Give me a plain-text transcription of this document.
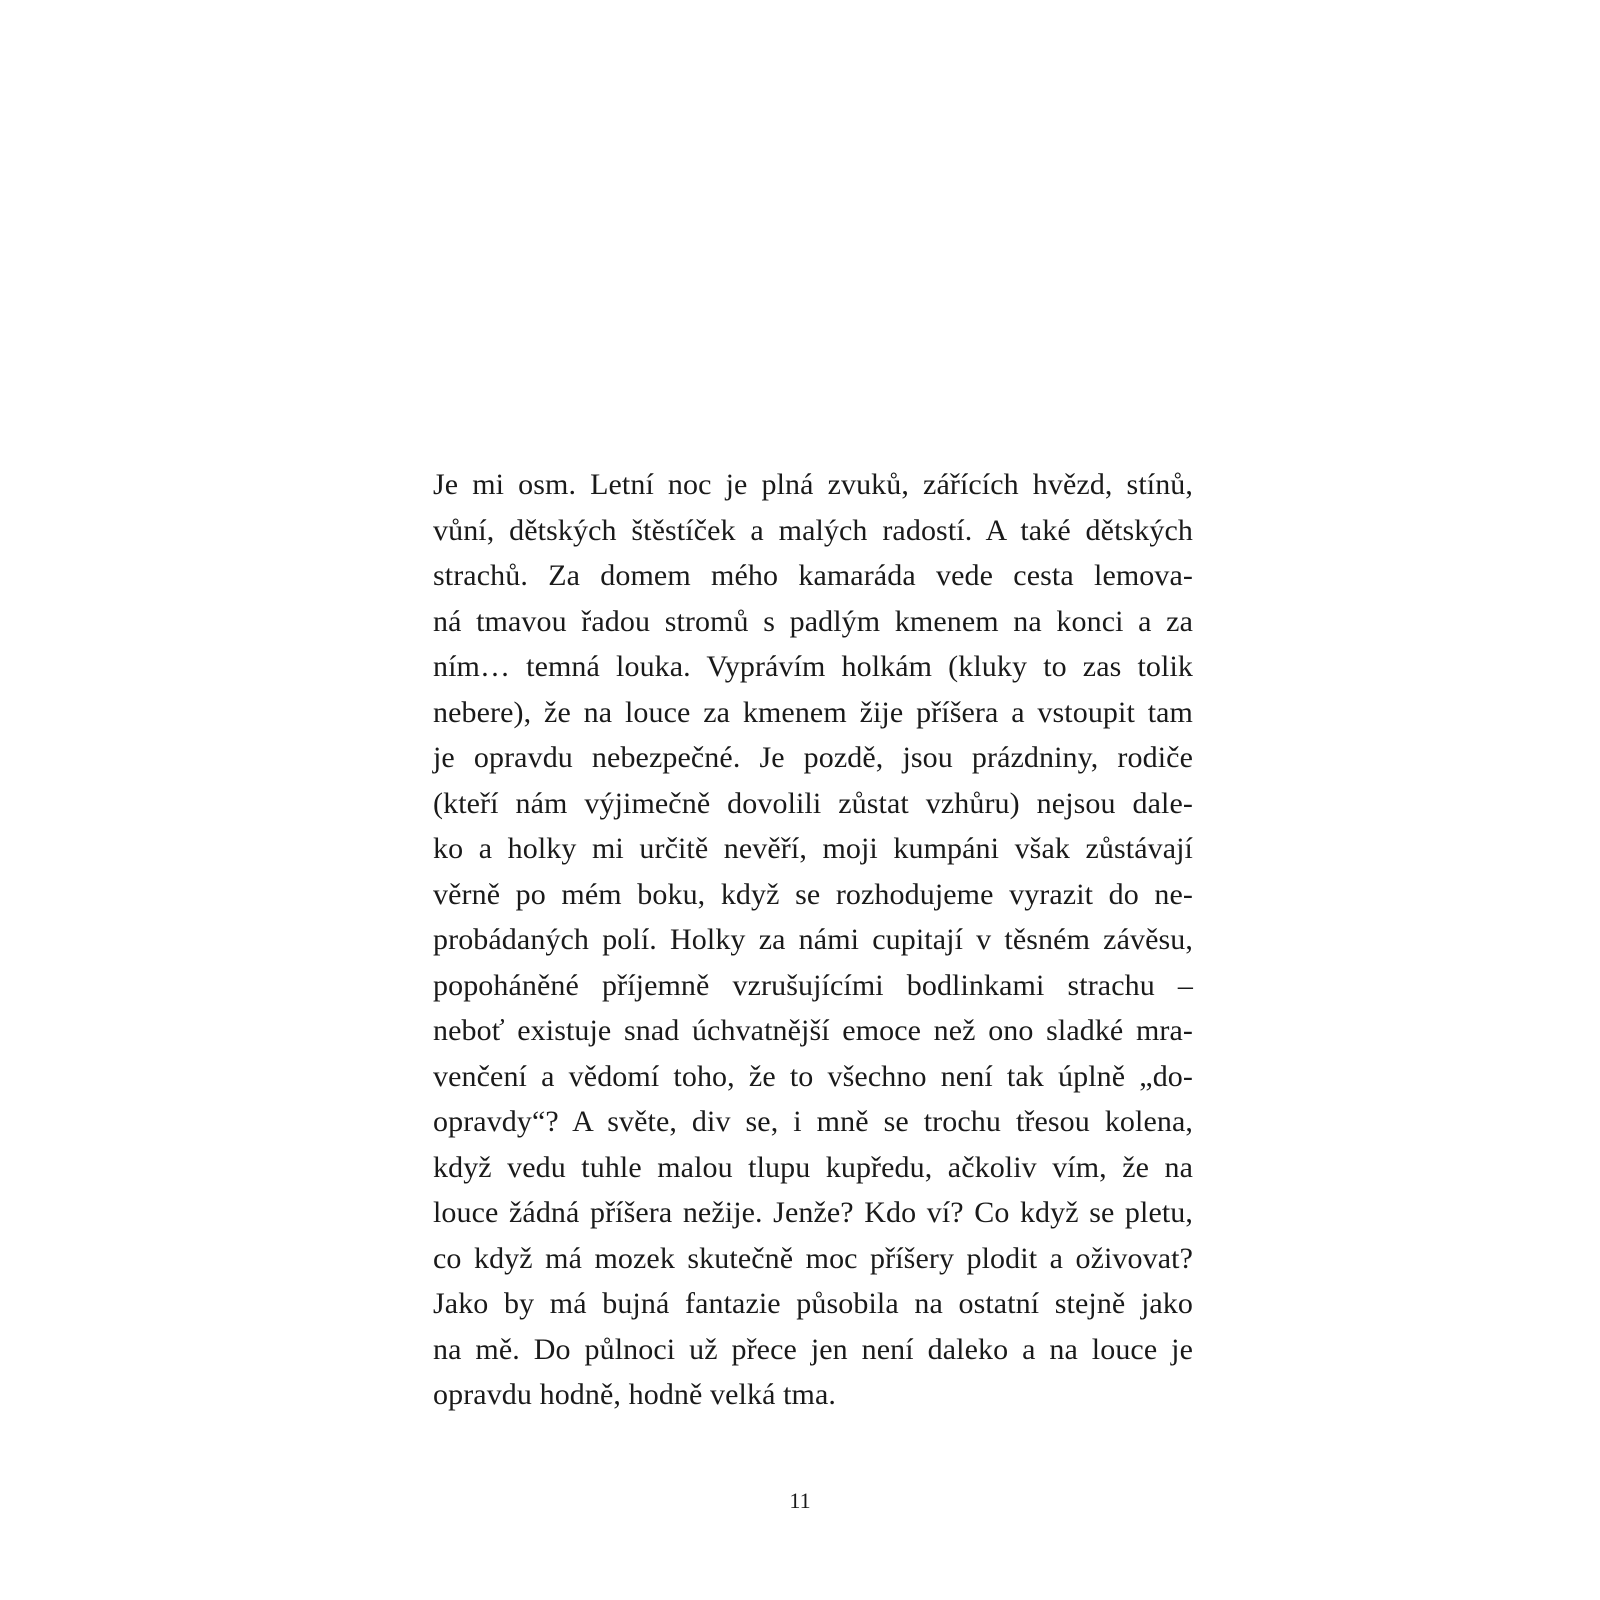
Je mi osm. Letní noc je plná zvuků, zářících hvězd, stínů,
vůní, dětských štěstíček a malých radostí. A také dětských
strachů. Za domem mého kamaráda vede cesta lemova-
ná tmavou řadou stromů s padlým kmenem na konci a za
ním… temná louka. Vyprávím holkám (kluky to zas tolik
nebere), že na louce za kmenem žije příšera a vstoupit tam
je opravdu nebezpečné. Je pozdě, jsou prázdniny, rodiče
(kteří nám výjimečně dovolili zůstat vzhůru) nejsou dale-
ko a holky mi určitě nevěří, moji kumpáni však zůstávají
věrně po mém boku, když se rozhodujeme vyrazit do ne-
probádaných polí. Holky za námi cupitají v těsném závěsu,
popoháněné příjemně vzrušujícími bodlinkami strachu –
neboť existuje snad úchvatnější emoce než ono sladké mra-
venčení a vědomí toho, že to všechno není tak úplně „do-
opravdy“? A světe, div se, i mně se trochu třesou kolena,
když vedu tuhle malou tlupu kupředu, ačkoliv vím, že na
louce žádná příšera nežije. Jenže? Kdo ví? Co když se pletu,
co když má mozek skutečně moc příšery plodit a oživovat?
Jako by má bujná fantazie působila na ostatní stejně jako
na mě. Do půlnoci už přece jen není daleko a na louce je
opravdu hodně, hodně velká tma.
11
